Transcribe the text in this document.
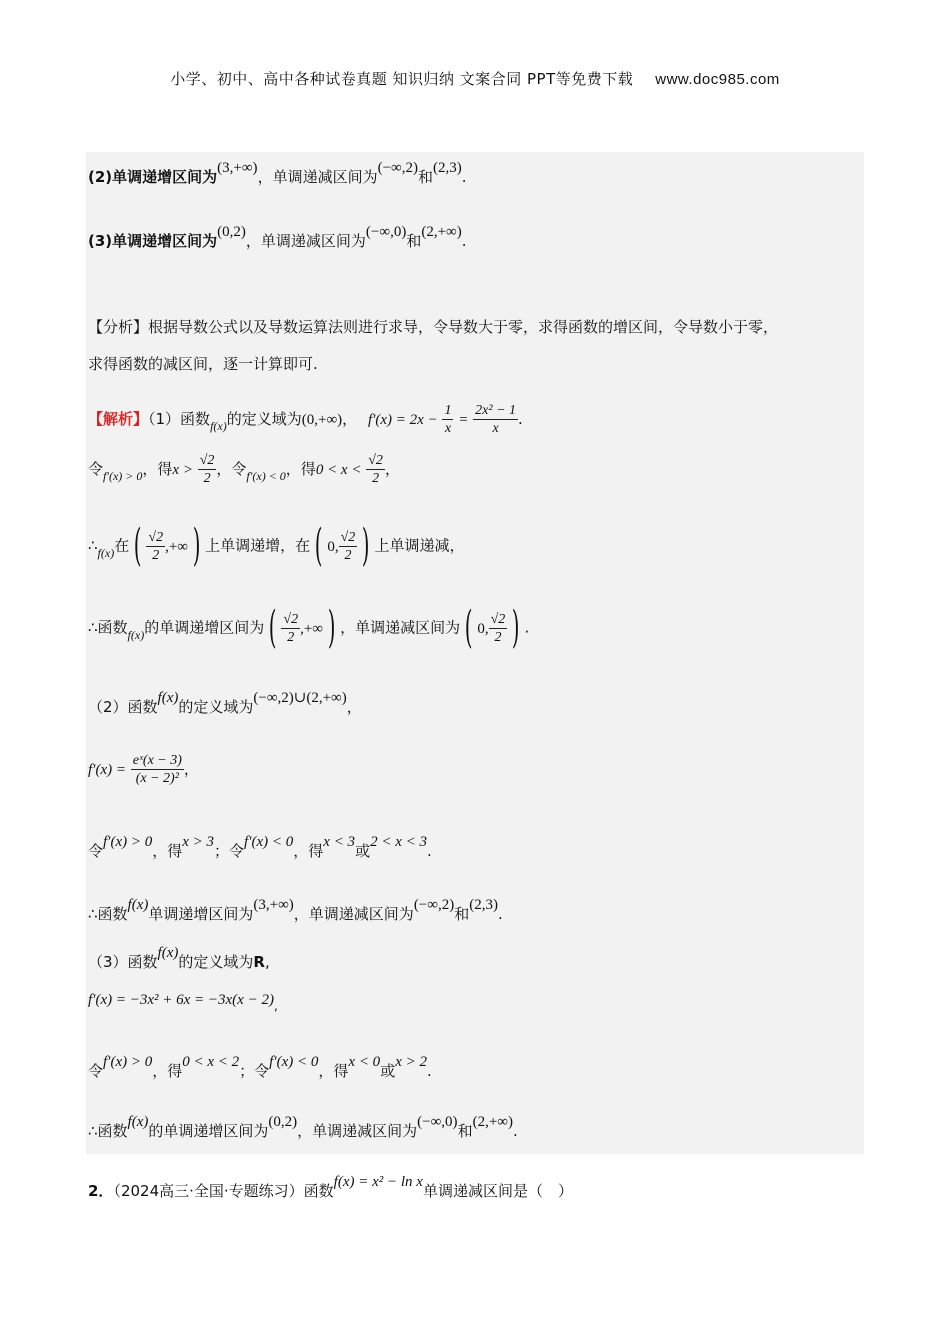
小学、初中、高中各种试卷真题 知识归纳 文案合同 PPT等免费下载 www.doc985.com
(2)单调递增区间为(3,+∞)，单调递减区间为(−∞,2)和(2,3).
(3)单调递增区间为(0,2)，单调递减区间为(−∞,0)和(2,+∞).
【分析】根据导数公式以及导数运算法则进行求导，令导数大于零，求得函数的增区间，令导数小于零，
求得函数的减区间，逐一计算即可.
【解析】（1）函数$_{f(x)}$的定义域为(0,+∞)， $f'(x) = 2x - \frac{1}{x} = \frac{\text{2x² − 1}}{x}$ .
令$_{f'(x) > 0}$，得$x > \frac{√2}{2}$ ，令$_{f'(x) < 0}$，得$0 < x < \frac{√2}{2}$ ，
$\therefore_{f(x)}$在 ( $\frac{√2}{2}$ ,+∞ ) 上单调递增，在 ( 0, $\frac{√2}{2}$ ) 上单调递减，
∴函数$_{f(x)}$的单调递增区间为 ( $\frac{√2}{2}$ ,+∞ ) ，单调递减区间为 ( 0, $\frac{√2}{2}$ ) .
（2）函数f(x)的定义域为(−∞,2)∪(2,+∞)，
$f'(x) = \frac{\text{eˣ(x − 3)}}{\text{(x − 2)²}}$ ，
令f′(x) > 0，得x > 3；令f′(x) < 0，得x < 3或2 < x < 3.
∴函数f(x)单调递增区间为(3,+∞)，单调递减区间为(−∞,2)和(2,3).
（3）函数f(x)的定义域为R,
$f'(x) = -3x^2 + 6x = -3x(x - 2)_,$
令f′(x) > 0，得0 < x < 2；令f′(x) < 0，得x < 0或x > 2.
∴函数f(x)的单调递增区间为(0,2)，单调递减区间为(−∞,0)和(2,+∞).
2．（2024高三·全国·专题练习）函数f(x) = x² − ln x单调递减区间是（　）
